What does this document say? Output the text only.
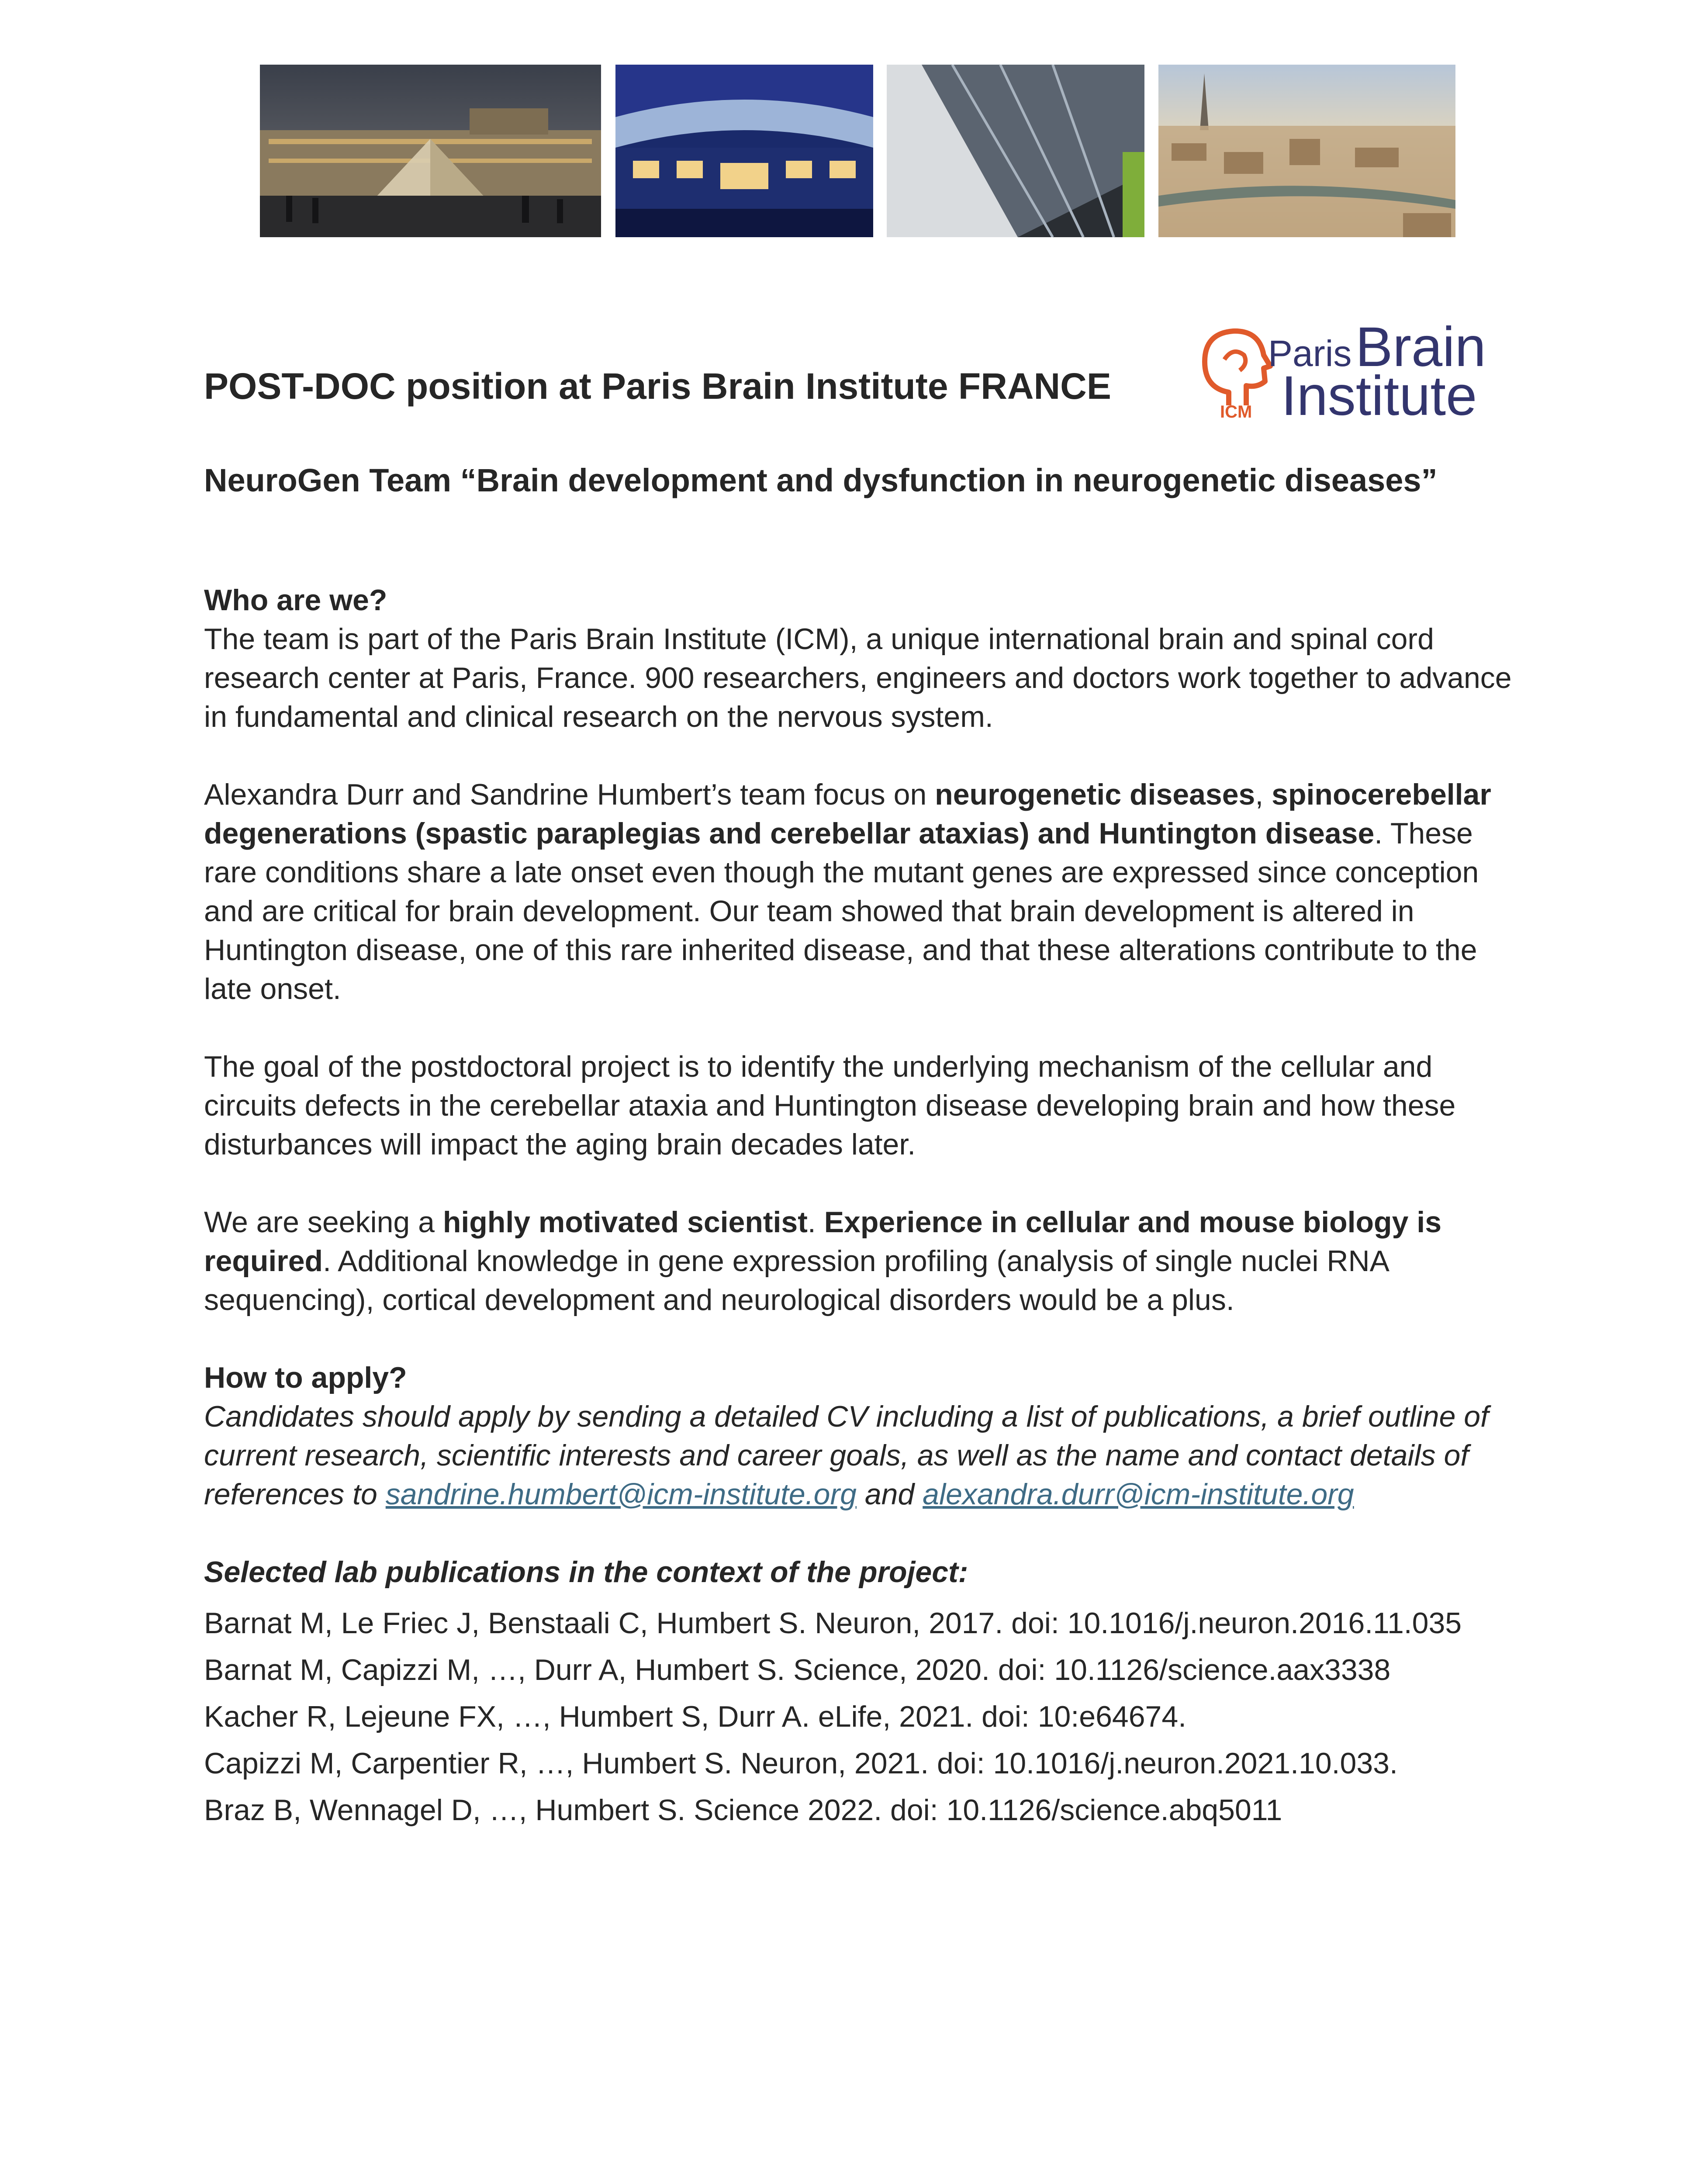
POST-DOC position at Paris Brain Institute FRANCE
ICM
Paris Brain
Institute
NeuroGen Team “Brain development and dysfunction in neurogenetic diseases”

Who are we?
The team is part of the Paris Brain Institute (ICM), a unique international brain and spinal cord research center at Paris, France. 900 researchers, engineers and doctors work together to advance in fundamental and clinical research on the nervous system.

Alexandra Durr and Sandrine Humbert’s team focus on neurogenetic diseases, spinocerebellar degenerations (spastic paraplegias and cerebellar ataxias) and Huntington disease. These rare conditions share a late onset even though the mutant genes are expressed since conception and are critical for brain development. Our team showed that brain development is altered in Huntington disease, one of this rare inherited disease, and that these alterations contribute to the late onset.

The goal of the postdoctoral project is to identify the underlying mechanism of the cellular and circuits defects in the cerebellar ataxia and Huntington disease developing brain and how these disturbances will impact the aging brain decades later.

We are seeking a highly motivated scientist. Experience in cellular and mouse biology is required. Additional knowledge in gene expression profiling (analysis of single nuclei RNA sequencing), cortical development and neurological disorders would be a plus.

How to apply?
Candidates should apply by sending a detailed CV including a list of publications, a brief outline of current research, scientific interests and career goals, as well as the name and contact details of references to sandrine.humbert@icm-institute.org and alexandra.durr@icm-institute.org

Selected lab publications in the context of the project:

Barnat M, Le Friec J, Benstaali C, Humbert S. Neuron, 2017. doi: 10.1016/j.neuron.2016.11.035

Barnat M, Capizzi M, …, Durr A, Humbert S. Science, 2020. doi: 10.1126/science.aax3338

Kacher R, Lejeune FX, …, Humbert S, Durr A. eLife, 2021. doi: 10:e64674.

Capizzi M, Carpentier R, …, Humbert S. Neuron, 2021. doi: 10.1016/j.neuron.2021.10.033.

Braz B, Wennagel D, …, Humbert S. Science 2022. doi: 10.1126/science.abq5011
